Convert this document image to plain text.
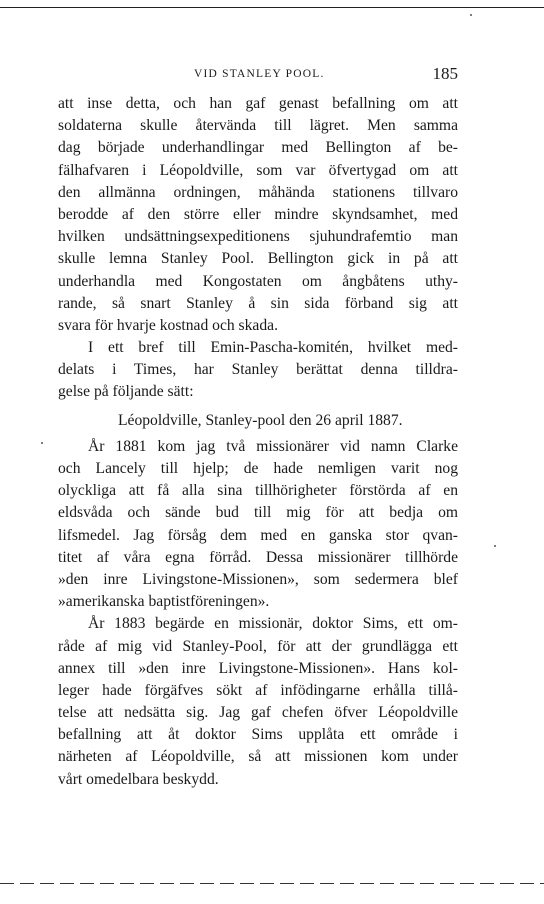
VID STANLEY POOL.	185
att inse detta, och han gaf genast befallning om att
soldaterna skulle återvända till lägret. Men samma
dag började underhandlingar med Bellington af be-
fälhafvaren i Léopoldville, som var öfvertygad om att
den allmänna ordningen, måhända stationens tillvaro
berodde af den större eller mindre skyndsamhet, med
hvilken undsättningsexpeditionens sjuhundrafemtio man
skulle lemna Stanley Pool. Bellington gick in på att
underhandla med Kongostaten om ångbåtens uthy-
rande, så snart Stanley å sin sida förband sig att
svara för hvarje kostnad och skada.
I ett bref till Emin-Pascha-komitén, hvilket med-
delats i Times, har Stanley berättat denna tilldra-
gelse på följande sätt:
Léopoldville, Stanley-pool den 26 april 1887.
År 1881 kom jag två missionärer vid namn Clarke
och Lancely till hjelp; de hade nemligen varit nog
olyckliga att få alla sina tillhörigheter förstörda af en
eldsvåda och sände bud till mig för att bedja om
lifsmedel. Jag försåg dem med en ganska stor qvan-
titet af våra egna förråd. Dessa missionärer tillhörde
»den inre Livingstone-Missionen», som sedermera blef
»amerikanska baptistföreningen».
År 1883 begärde en missionär, doktor Sims, ett om-
råde af mig vid Stanley-Pool, för att der grundlägga ett
annex till »den inre Livingstone-Missionen». Hans kol-
leger hade förgäfves sökt af infödingarne erhålla tillå-
telse att nedsätta sig. Jag gaf chefen öfver Léopoldville
befallning att åt doktor Sims upplåta ett område i
närheten af Léopoldville, så att missionen kom under
vårt omedelbara beskydd.
